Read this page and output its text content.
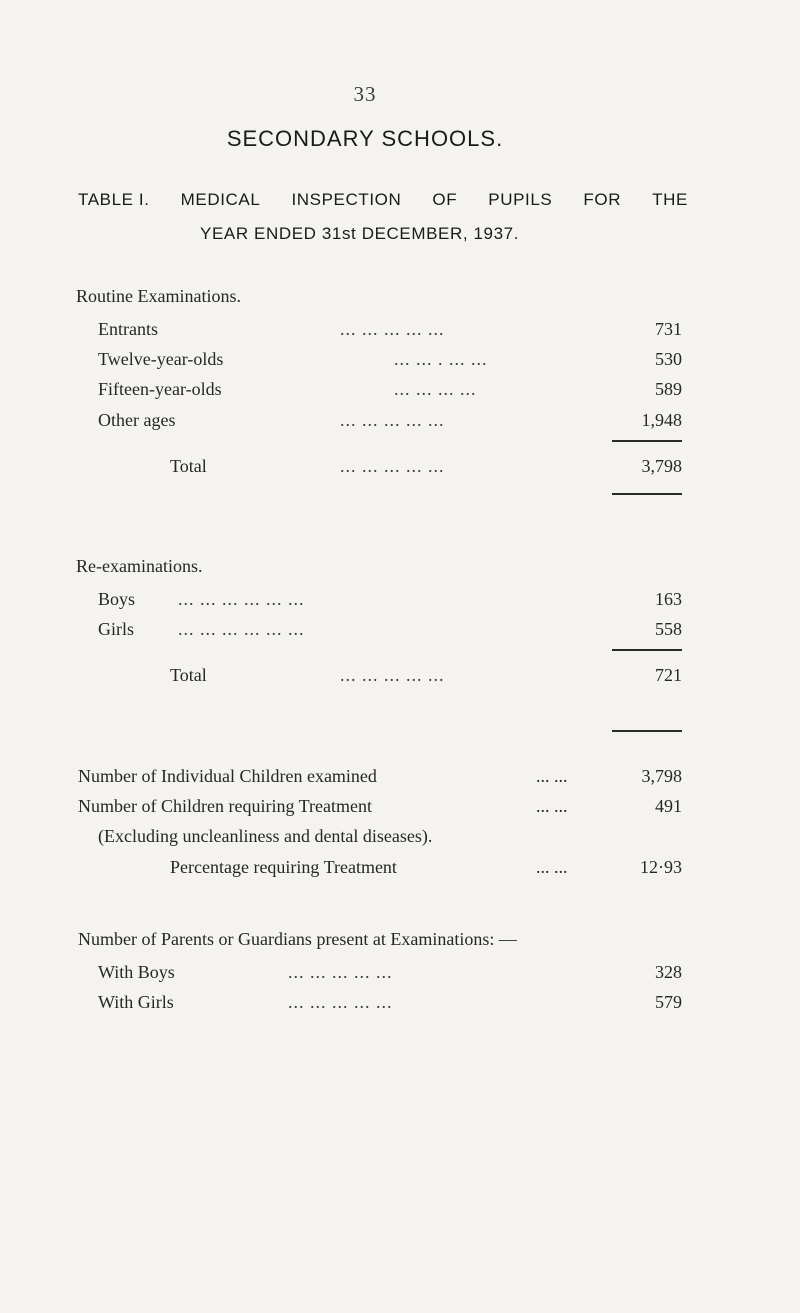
33
SECONDARY SCHOOLS.
TABLE I. MEDICAL INSPECTION OF PUPILS FOR THE
YEAR ENDED 31st DECEMBER, 1937.
Routine Examinations.
Entrants	... ... ... ... ...	731
Twelve-year-olds	... ... . ... ...	530
Fifteen-year-olds	... ... ... ...	589
Other ages	... ... ... ... ...	1,948
Total	... ... ... ... ...	3,798
Re-examinations.
Boys ... ... ... ... ... ...	163
Girls ... ... ... ... ... ...	558
Total	... ... ... ... ...	721
Number of Individual Children examined	... ...	3,798
Number of Children requiring Treatment	... ...	491
(Excluding uncleanliness and dental diseases).
Percentage requiring Treatment	... ...	12·93
Number of Parents or Guardians present at Examinations: —
With Boys	... ... ... ... ...	328
With Girls	... ... ... ... ...	579
